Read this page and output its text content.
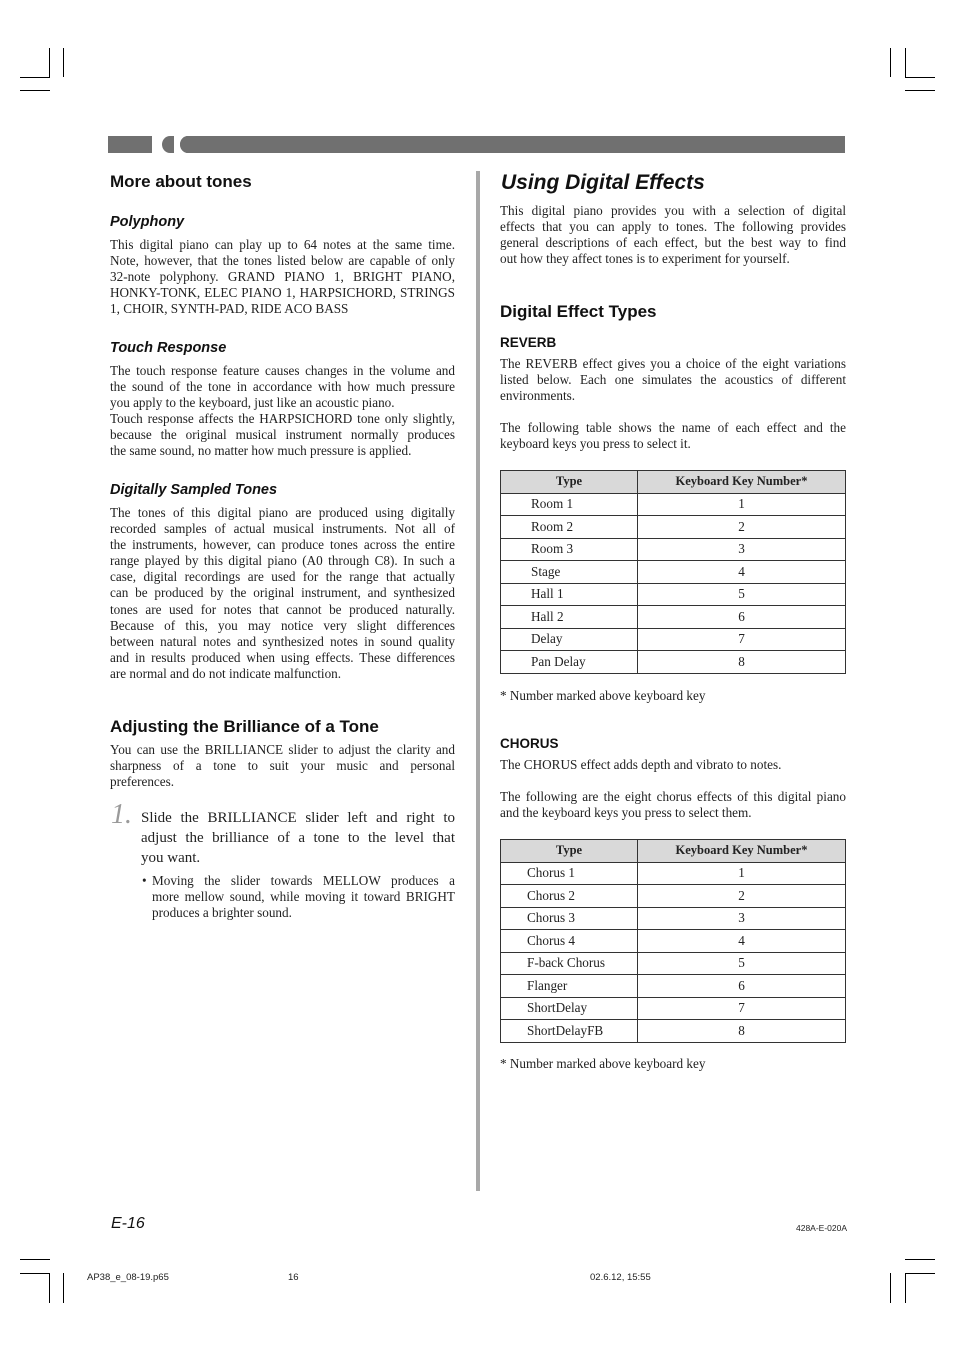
More about tones
Polyphony
This digital piano can play up to 64 notes at the same time.
Note, however, that the tones listed below are capable of only
32-note polyphony. GRAND PIANO 1, BRIGHT PIANO,
HONKY-TONK, ELEC PIANO 1, HARPSICHORD, STRINGS
1, CHOIR, SYNTH-PAD, RIDE ACO BASS
Touch Response
The touch response feature causes changes in the volume and
the sound of the tone in accordance with how much pressure
you apply to the keyboard, just like an acoustic piano.
Touch response affects the HARPSICHORD tone only slightly,
because the original musical instrument normally produces
the same sound, no matter how much pressure is applied.
Digitally Sampled Tones
The tones of this digital piano are produced using digitally
recorded samples of actual musical instruments. Not all of
the instruments, however, can produce tones across the entire
range played by this digital piano (A0 through C8). In such a
case, digital recordings are used for the range that actually
can be produced by the original instrument, and synthesized
tones are used for notes that cannot be produced naturally.
Because of this, you may notice very slight differences
between natural notes and synthesized notes in sound quality
and in results produced when using effects. These differences
are normal and do not indicate malfunction.
Adjusting the Brilliance of a Tone
You can use the BRILLIANCE slider to adjust the clarity and
sharpness of a tone to suit your music and personal
preferences.
1. Slide the BRILLIANCE slider left and right to
adjust the brilliance of a tone to the level that
you want.
• Moving the slider towards MELLOW produces a
more mellow sound, while moving it toward BRIGHT
produces a brighter sound.
Using Digital Effects
This digital piano provides you with a selection of digital
effects that you can apply to tones. The following provides
general descriptions of each effect, but the best way to find
out how they affect tones is to experiment for yourself.
Digital Effect Types
REVERB
The REVERB effect gives you a choice of the eight variations
listed below. Each one simulates the acoustics of different
environments.
The following table shows the name of each effect and the
keyboard keys you press to select it.
Type	Keyboard Key Number*
Room 1	1
Room 2	2
Room 3	3
Stage	4
Hall 1	5
Hall 2	6
Delay	7
Pan Delay	8
* Number marked above keyboard key
CHORUS
The CHORUS effect adds depth and vibrato to notes.
The following are the eight chorus effects of this digital piano
and the keyboard keys you press to select them.
Type	Keyboard Key Number*
Chorus 1	1
Chorus 2	2
Chorus 3	3
Chorus 4	4
F-back Chorus	5
Flanger	6
ShortDelay	7
ShortDelayFB	8
* Number marked above keyboard key
E-16	428A-E-020A
AP38_e_08-19.p65	16	02.6.12, 15:55
